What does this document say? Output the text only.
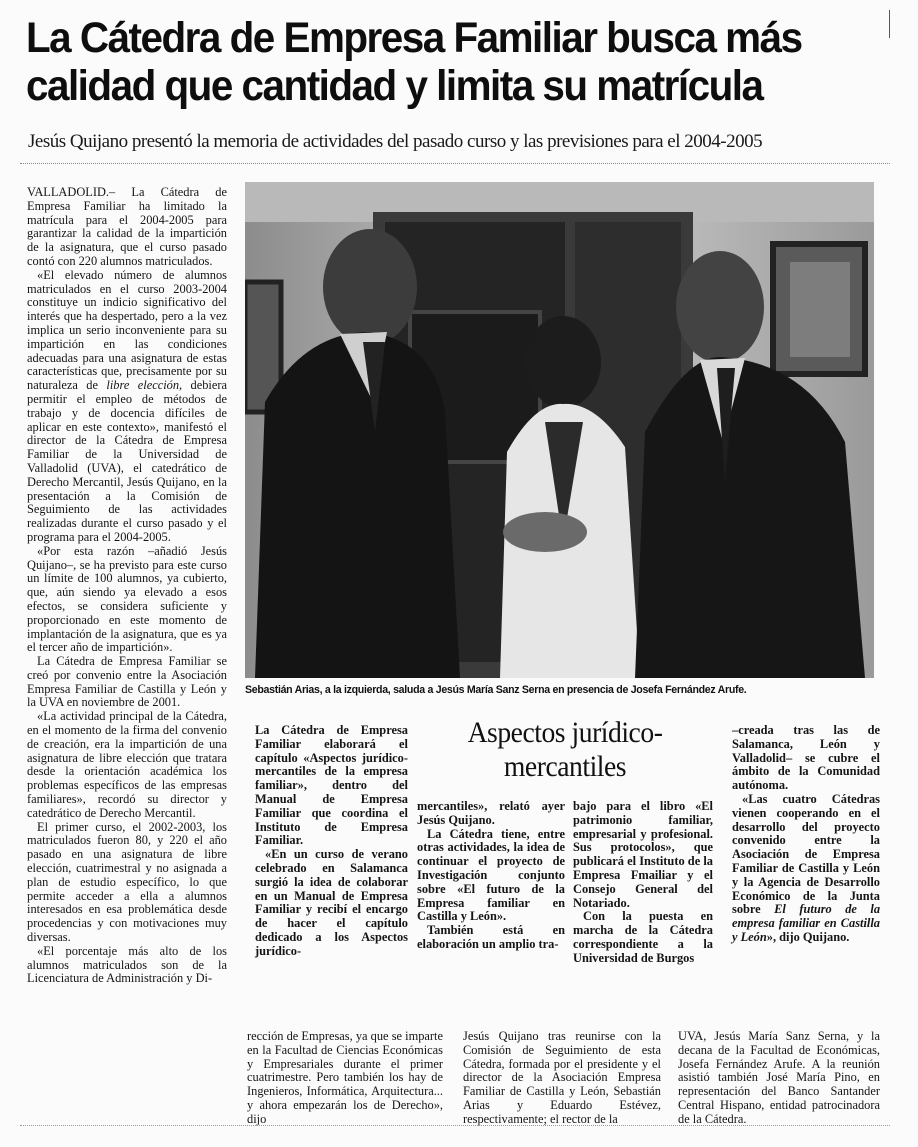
La Cátedra de Empresa Familiar busca más
calidad que cantidad y limita su matrícula

Jesús Quijano presentó la memoria de actividades del pasado curso y las previsiones para el 2004-2005

VALLADOLID.– La Cátedra de Empresa Familiar ha limitado la matrícula para el 2004-2005 para garantizar la calidad de la impartición de la asignatura, que el curso pasado contó con 220 alumnos matriculados.

«El elevado número de alumnos matriculados en el curso 2003-2004 constituye un indicio significativo del interés que ha despertado, pero a la vez implica un serio inconveniente para su impartición en las condiciones adecuadas para una asignatura de estas características que, precisamente por su naturaleza de libre elección, debiera permitir el empleo de métodos de trabajo y de docencia difíciles de aplicar en este contexto», manifestó el director de la Cátedra de Empresa Familiar de la Universidad de Valladolid (UVA), el catedrático de Derecho Mercantil, Jesús Quijano, en la presentación a la Comisión de Seguimiento de las actividades realizadas durante el curso pasado y el programa para el 2004-2005.

«Por esta razón –añadió Jesús Quijano–, se ha previsto para este curso un límite de 100 alumnos, ya cubierto, que, aún siendo ya elevado a esos efectos, se considera suficiente y proporcionado en este momento de implantación de la asignatura, que es ya el tercer año de impartición».

La Cátedra de Empresa Familiar se creó por convenio entre la Asociación Empresa Familiar de Castilla y León y la UVA en noviembre de 2001.

«La actividad principal de la Cátedra, en el momento de la firma del convenio de creación, era la impartición de una asignatura de libre elección que tratara desde la orientación académica los problemas específicos de las empresas familiares», recordó su director y catedrático de Derecho Mercantil.

El primer curso, el 2002-2003, los matriculados fueron 80, y 220 el año pasado en una asignatura de libre elección, cuatrimestral y no asignada a plan de estudio específico, lo que permite acceder a ella a alumnos interesados en esa problemática desde procedencias y con motivaciones muy diversas.

«El porcentaje más alto de los alumnos matriculados son de la Licenciatura de Administración y Di-

Sebastián Arias, a la izquierda, saluda a Jesús María Sanz Serna en presencia de Josefa Fernández Arufe.
Aspectos jurídico-
mercantiles

La Cátedra de Empresa Familiar elaborará el capítulo «Aspectos jurídico-mercantiles de la empresa familiar», dentro del Manual de Empresa Familiar que coordina el Instituto de Empresa Familiar.

«En un curso de verano celebrado en Salamanca surgió la idea de colaborar en un Manual de Empresa Familiar y recibí el encargo de hacer el capítulo dedicado a los Aspectos jurídico-

mercantiles», relató ayer Jesús Quijano.

La Cátedra tiene, entre otras actividades, la idea de continuar el proyecto de Investigación conjunto sobre «El futuro de la Empresa familiar en Castilla y León».

También está en elaboración un amplio tra-

bajo para el libro «El patrimonio familiar, empresarial y profesional. Sus protocolos», que publicará el Instituto de la Empresa Fmailiar y el Consejo General del Notariado.

Con la puesta en marcha de la Cátedra correspondiente a la Universidad de Burgos

–creada tras las de Salamanca, León y Valladolid– se cubre el ámbito de la Comunidad autónoma.

«Las cuatro Cátedras vienen cooperando en el desarrollo del proyecto convenido entre la Asociación de Empresa Familiar de Castilla y León y la Agencia de Desarrollo Económico de la Junta sobre El futuro de la empresa familiar en Castilla y León», dijo Quijano.

rección de Empresas, ya que se imparte en la Facultad de Ciencias Económicas y Empresariales durante el primer cuatrimestre. Pero también los hay de Ingenieros, Informática, Arquitectura... y ahora empezarán los de Derecho», dijo

Jesús Quijano tras reunirse con la Comisión de Seguimiento de esta Cátedra, formada por el presidente y el director de la Asociación Empresa Familiar de Castilla y León, Sebastián Arias y Eduardo Estévez, respectivamente; el rector de la

UVA, Jesús María Sanz Serna, y la decana de la Facultad de Económicas, Josefa Fernández Arufe. A la reunión asistió también José María Pino, en representación del Banco Santander Central Hispano, entidad patrocinadora de la Cátedra.
